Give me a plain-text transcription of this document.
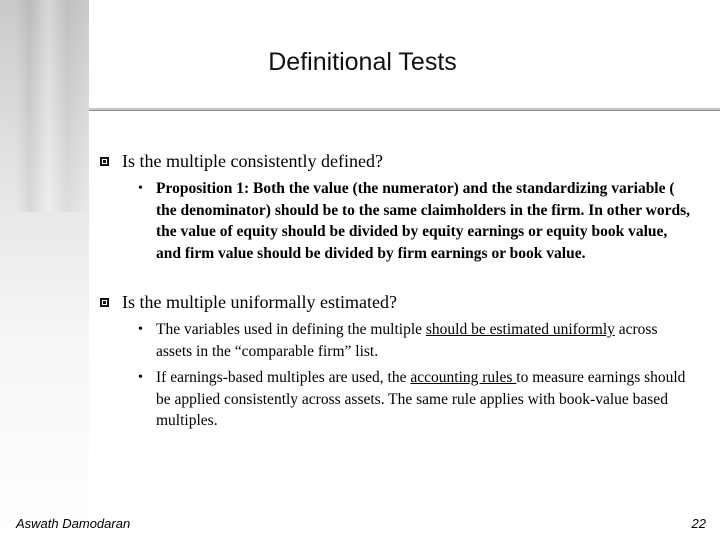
Definitional Tests
Is the multiple consistently defined?
• Proposition 1: Both the value (the numerator) and the standardizing variable ( the denominator) should be to the same claimholders in the firm. In other words, the value of equity should be divided by equity earnings or equity book value, and firm value should be divided by firm earnings or book value.
Is the multiple uniformally estimated?
• The variables used in defining the multiple should be estimated uniformly across assets in the “comparable firm” list.
• If earnings-based multiples are used, the accounting rules to measure earnings should be applied consistently across assets. The same rule applies with book-value based multiples.
Aswath Damodaran	22
